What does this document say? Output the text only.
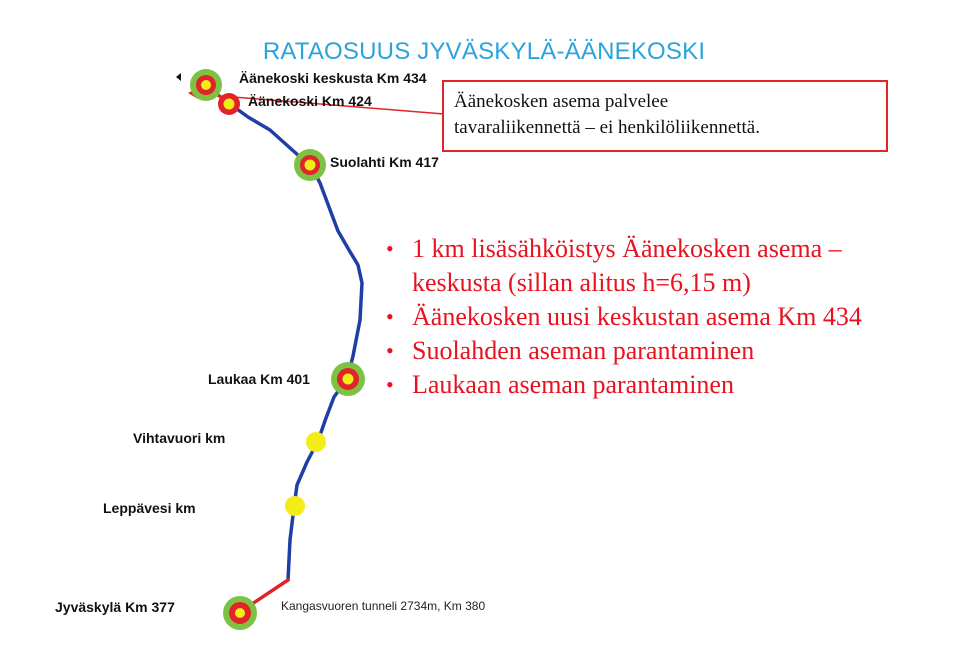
RATAOSUUS JYVÄSKYLÄ-ÄÄNEKOSKI
Äänekoski keskusta Km 434
Äänekoski Km 424
Suolahti Km 417
Laukaa Km 401
Vihtavuori km
Leppävesi km
Jyväskylä Km 377	Kangasvuoren tunneli 2734m, Km 380
Äänekosken asema palvelee
tavaraliikennettä – ei henkilöliikennettä.
• 1 km lisäsähköistys Äänekosken asema – keskusta (sillan alitus h=6,15 m)
• Äänekosken uusi keskustan asema Km 434
• Suolahden aseman parantaminen
• Laukaan aseman parantaminen
